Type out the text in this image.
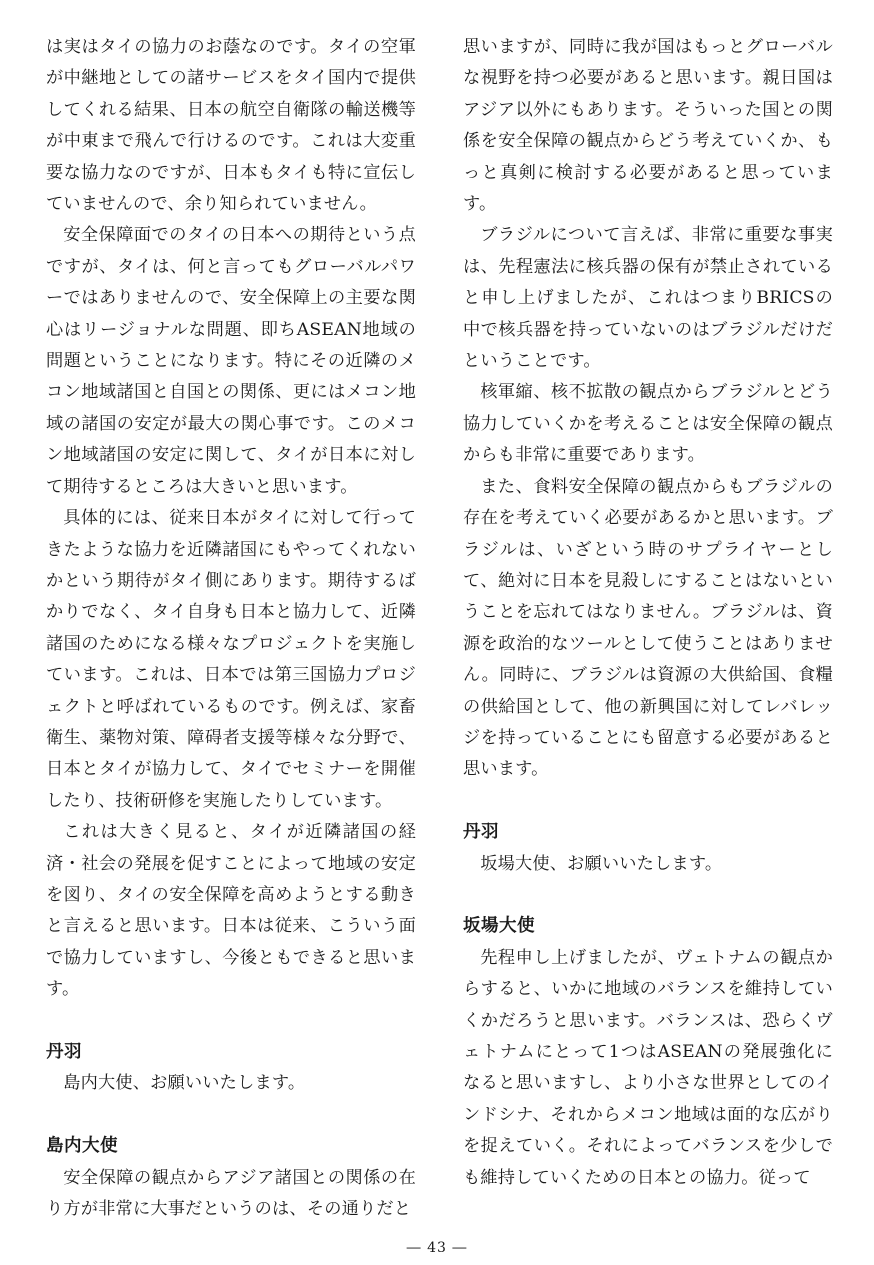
は実はタイの協力のお蔭なのです。タイの空軍が中継地としての諸サービスをタイ国内で提供してくれる結果、日本の航空自衛隊の輸送機等が中東まで飛んで行けるのです。これは大変重要な協力なのですが、日本もタイも特に宣伝していませんので、余り知られていません。

安全保障面でのタイの日本への期待という点ですが、タイは、何と言ってもグローバルパワーではありませんので、安全保障上の主要な関心はリージョナルな問題、即ちASEAN地域の問題ということになります。特にその近隣のメコン地域諸国と自国との関係、更にはメコン地域の諸国の安定が最大の関心事です。このメコン地域諸国の安定に関して、タイが日本に対して期待するところは大きいと思います。

具体的には、従来日本がタイに対して行ってきたような協力を近隣諸国にもやってくれないかという期待がタイ側にあります。期待するばかりでなく、タイ自身も日本と協力して、近隣諸国のためになる様々なプロジェクトを実施しています。これは、日本では第三国協力プロジェクトと呼ばれているものです。例えば、家畜衛生、薬物対策、障碍者支援等様々な分野で、日本とタイが協力して、タイでセミナーを開催したり、技術研修を実施したりしています。

これは大きく見ると、タイが近隣諸国の経済・社会の発展を促すことによって地域の安定を図り、タイの安全保障を高めようとする動きと言えると思います。日本は従来、こういう面で協力していますし、今後ともできると思います。

丹羽

島内大使、お願いいたします。

島内大使

安全保障の観点からアジア諸国との関係の在り方が非常に大事だというのは、その通りだと

思いますが、同時に我が国はもっとグローバルな視野を持つ必要があると思います。親日国はアジア以外にもあります。そういった国との関係を安全保障の観点からどう考えていくか、もっと真剣に検討する必要があると思っています。

ブラジルについて言えば、非常に重要な事実は、先程憲法に核兵器の保有が禁止されていると申し上げましたが、これはつまりBRICSの中で核兵器を持っていないのはブラジルだけだということです。

核軍縮、核不拡散の観点からブラジルとどう協力していくかを考えることは安全保障の観点からも非常に重要であります。

また、食料安全保障の観点からもブラジルの存在を考えていく必要があるかと思います。ブラジルは、いざという時のサプライヤーとして、絶対に日本を見殺しにすることはないということを忘れてはなりません。ブラジルは、資源を政治的なツールとして使うことはありません。同時に、ブラジルは資源の大供給国、食糧の供給国として、他の新興国に対してレバレッジを持っていることにも留意する必要があると思います。

丹羽

坂場大使、お願いいたします。

坂場大使

先程申し上げましたが、ヴェトナムの観点からすると、いかに地域のバランスを維持していくかだろうと思います。バランスは、恐らくヴェトナムにとって1つはASEANの発展強化になると思いますし、より小さな世界としてのインドシナ、それからメコン地域は面的な広がりを捉えていく。それによってバランスを少しでも維持していくための日本との協力。従って

― 43 ―
